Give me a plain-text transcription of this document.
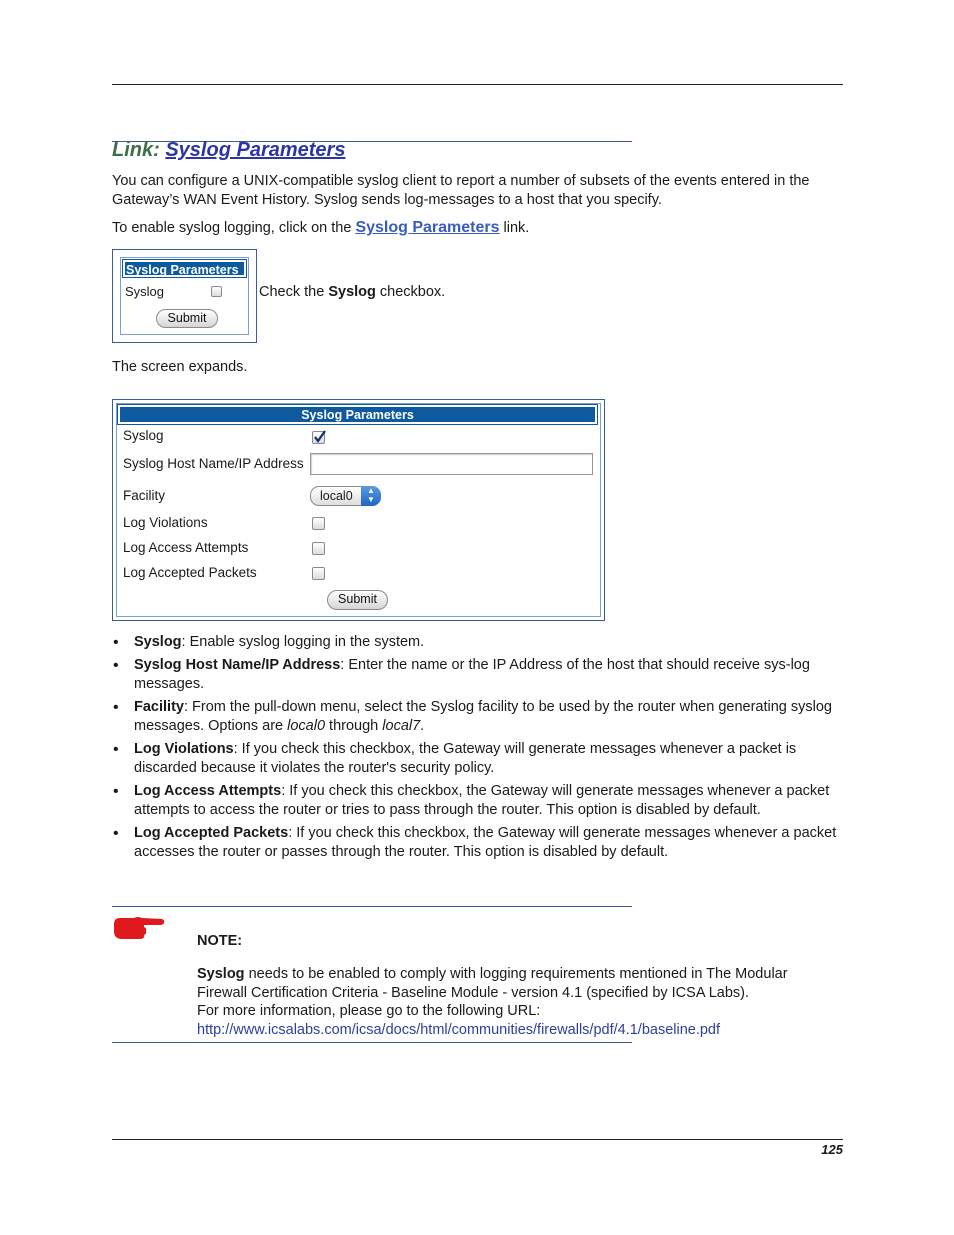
Link: Syslog Parameters
You can configure a UNIX-compatible syslog client to report a number of subsets of the events entered in the Gateway’s WAN Event History. Syslog sends log-messages to a host that you specify.
To enable syslog logging, click on the Syslog Parameters link.
Syslog Parameters
Syslog
Submit
Check the Syslog checkbox.
The screen expands.
Syslog Parameters
Syslog
Syslog Host Name/IP Address
Facility	local0	▲
▼
Log Violations
Log Access Attempts
Log Accepted Packets
Submit
• Syslog: Enable syslog logging in the system.
• Syslog Host Name/IP Address: Enter the name or the IP Address of the host that should receive sys-log messages.
• Facility: From the pull-down menu, select the Syslog facility to be used by the router when generating syslog messages. Options are local0 through local7.
• Log Violations: If you check this checkbox, the Gateway will generate messages whenever a packet is discarded because it violates the router's security policy.
• Log Access Attempts: If you check this checkbox, the Gateway will generate messages whenever a packet attempts to access the router or tries to pass through the router. This option is disabled by default.
• Log Accepted Packets: If you check this checkbox, the Gateway will generate messages whenever a packet accesses the router or passes through the router. This option is disabled by default.
NOTE:
Syslog needs to be enabled to comply with logging requirements mentioned in The Modular Firewall Certification Criteria - Baseline Module - version 4.1 (specified by ICSA Labs).
For more information, please go to the following URL:
http://www.icsalabs.com/icsa/docs/html/communities/firewalls/pdf/4.1/baseline.pdf
125
